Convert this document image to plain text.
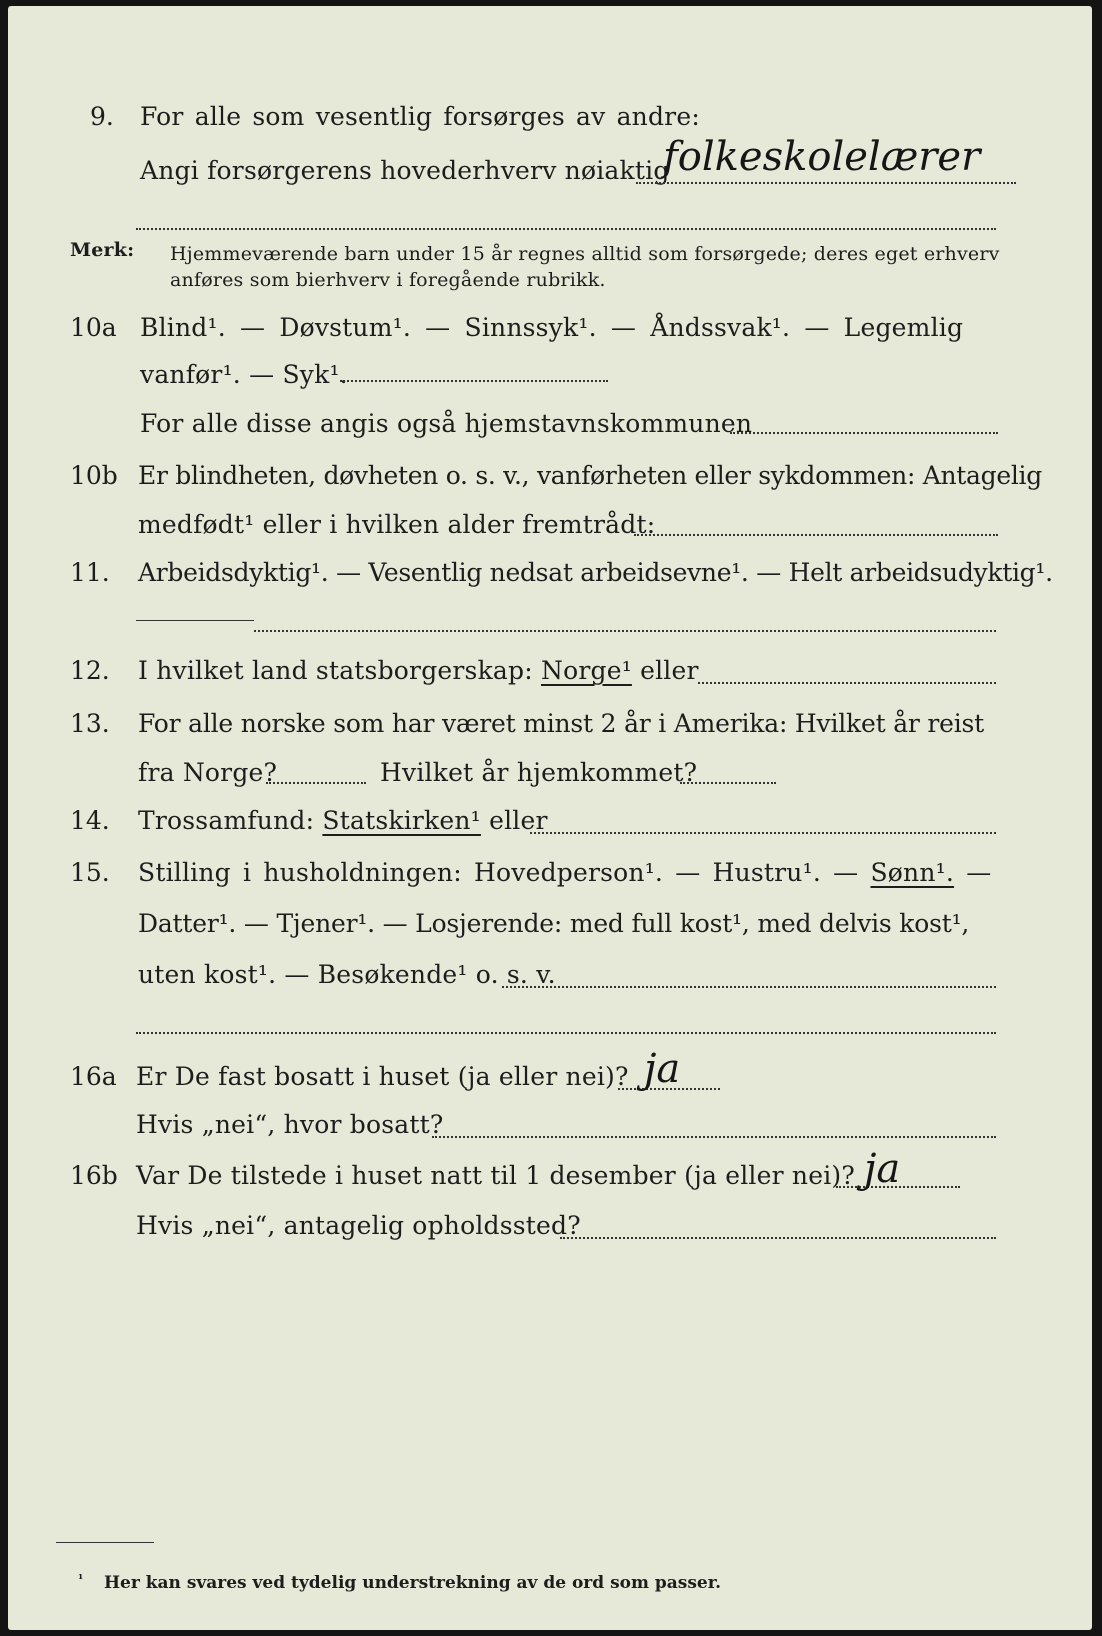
9. For alle som vesentlig forsørges av andre:
Angi forsørgerens hovederhverv nøiaktig
folkeskolelærer
Merk: Hjemmeværende barn under 15 år regnes alltid som forsørgede; deres eget erhverv
anføres som bierhverv i foregående rubrikk.
10a Blind¹. — Døvstum¹. — Sinnssyk¹. — Åndssvak¹. — Legemlig
vanfør¹. — Syk¹.
For alle disse angis også hjemstavnskommunen
10b Er blindheten, døvheten o. s. v., vanførheten eller sykdommen: Antagelig
medfødt¹ eller i hvilken alder fremtrådt:
11. Arbeidsdyktig¹. — Vesentlig nedsat arbeidsevne¹. — Helt arbeidsudyktig¹.
12. I hvilket land statsborgerskap: Norge¹ eller
13. For alle norske som har været minst 2 år i Amerika: Hvilket år reist
fra Norge?	Hvilket år hjemkommet?
14. Trossamfund: Statskirken¹ eller
15. Stilling i husholdningen: Hovedperson¹. — Hustru¹. — Sønn¹. —
Datter¹. — Tjener¹. — Losjerende: med full kost¹, med delvis kost¹,
uten kost¹. — Besøkende¹ o. s. v.
16a Er De fast bosatt i huset (ja eller nei)? ja
Hvis „nei“, hvor bosatt?
16b Var De tilstede i huset natt til 1 desember (ja eller nei)? ja
Hvis „nei“, antagelig opholdssted?
¹ Her kan svares ved tydelig understrekning av de ord som passer.
